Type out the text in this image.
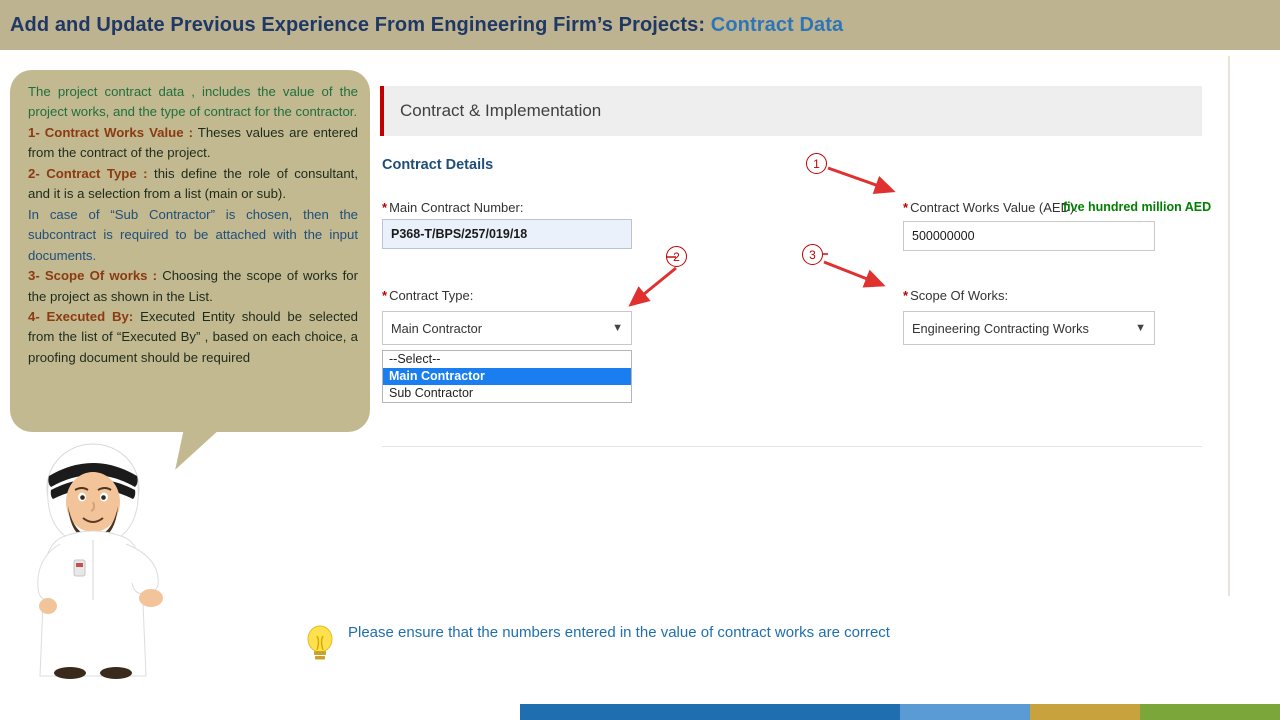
Add and Update Previous Experience From Engineering Firm’s Projects: Contract Data

The project contract data , includes the value of the project works, and the type of contract for the contractor.

1- Contract Works Value : Theses values are entered from the contract of the project.

2- Contract Type : this define the role of consultant, and it is a selection from a list (main or sub).

In case of “Sub Contractor” is chosen, then the subcontract is required to be attached with the input documents.

3- Scope Of works : Choosing the scope of works for the project as shown in the List.

4- Executed By: Executed Entity should be selected from the list of “Executed By” , based on each choice, a proofing document should be required

Contract & Implementation
Contract Details
* Main Contract Number:
P368-T/BPS/257/019/18
* Contract Type:
Main Contractor	▼
--Select--
Main Contractor
Sub Contractor
* Contract Works Value (AED):
five hundred million AED
500000000
* Scope Of Works:
Engineering Contracting Works	▼
1
2	3
Please ensure that the numbers entered in the value of contract works are correct
